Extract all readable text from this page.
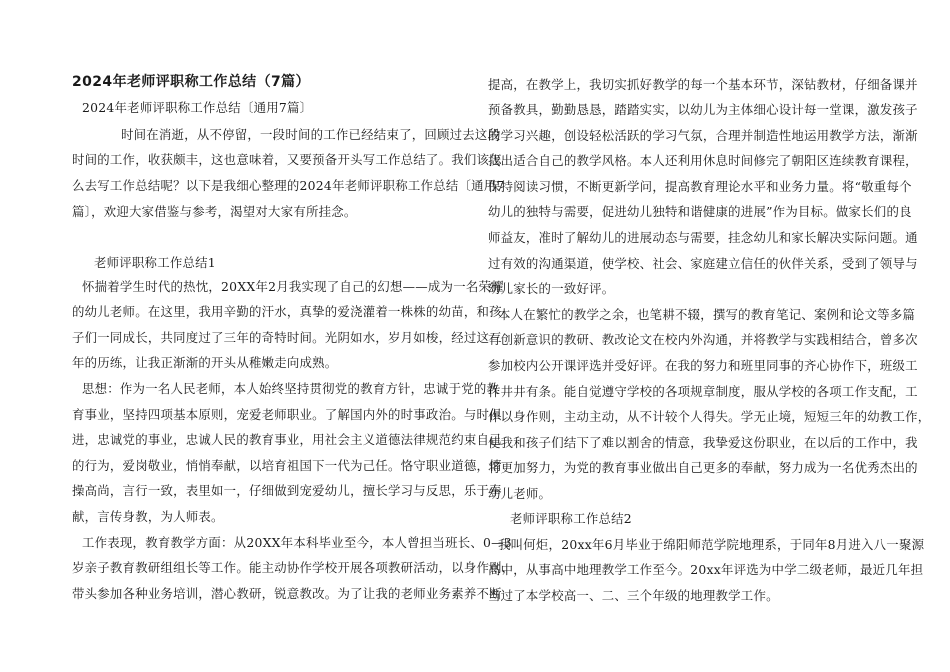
2024年老师评职称工作总结（7篇）
2024年老师评职称工作总结〔通用7篇〕
时间在消逝，从不停留，一段时间的工作已经结束了，回顾过去这段
时间的工作，收获颇丰，这也意味着，又要预备开头写工作总结了。我们该怎
么去写工作总结呢？以下是我细心整理的2024年老师评职称工作总结〔通用7
篇〕，欢迎大家借鉴与参考，渴望对大家有所挂念。
老师评职称工作总结1
怀揣着学生时代的热忱，20XX年2月我实现了自己的幻想——成为一名荣耀
的幼儿老师。在这里，我用辛勤的汗水，真挚的爱浇灌着一株株的幼苗，和孩
子们一同成长，共同度过了三年的奇特时间。光阴如水，岁月如梭，经过这三
年的历练，让我正渐渐的开头从稚嫩走向成熟。
思想：作为一名人民老师，本人始终坚持贯彻党的教育方针，忠诚于党的教
育事业，坚持四项基本原则，宠爱老师职业。了解国内外的时事政治。与时俱
进，忠诚党的事业，忠诚人民的教育事业，用社会主义道德法律规范约束自己
的行为，爱岗敬业，悄悄奉献，以培育祖国下一代为己任。恪守职业道德，情
操高尚，言行一致，表里如一，仔细做到宠爱幼儿，擅长学习与反思，乐于奉
献，言传身教，为人师表。
工作表现，教育教学方面：从20XX年本科毕业至今，本人曾担当班长、0—3
岁亲子教育教研组组长等工作。能主动协作学校开展各项教研活动，以身作则，
带头参加各种业务培训，潜心教研，锐意教改。为了让我的老师业务素养不断
提高，在教学上，我切实抓好教学的每一个基本环节，深钻教材，仔细备课并
预备教具，勤勤恳恳，踏踏实实，以幼儿为主体细心设计每一堂课，激发孩子
的学习兴趣，创设轻松活跃的学习气氛，合理并制造性地运用教学方法，渐渐
找出适合自己的教学风格。本人还利用休息时间修完了朝阳区连续教育课程，
保持阅读习惯，不断更新学问，提高教育理论水平和业务力量。将“敬重每个
幼儿的独特与需要，促进幼儿独特和谐健康的进展”作为目标。做家长们的良
师益友，准时了解幼儿的进展动态与需要，挂念幼儿和家长解决实际问题。通
过有效的沟通渠道，使学校、社会、家庭建立信任的伙伴关系，受到了领导与
幼儿家长的一致好评。
本人在繁忙的教学之余，也笔耕不辍，撰写的教育笔记、案例和论文等多篇
有创新意识的教研、教改论文在校内外沟通，并将教学与实践相结合，曾多次
参加校内公开课评选并受好评。在我的努力和班里同事的齐心协作下，班级工
作井井有条。能自觉遵守学校的各项规章制度，服从学校的各项工作支配，工
作以身作则，主动主动，从不计较个人得失。学无止境，短短三年的幼教工作，
使我和孩子们结下了难以割舍的情意，我挚爱这份职业，在以后的工作中，我
将更加努力，为党的教育事业做出自己更多的奉献，努力成为一名优秀杰出的
幼儿老师。
老师评职称工作总结2
我叫何炬，20xx年6月毕业于绵阳师范学院地理系，于同年8月进入八一聚源
高中，从事高中地理教学工作至今。20xx年评选为中学二级老师，最近几年担
当过了本学校高一、二、三个年级的地理教学工作。
